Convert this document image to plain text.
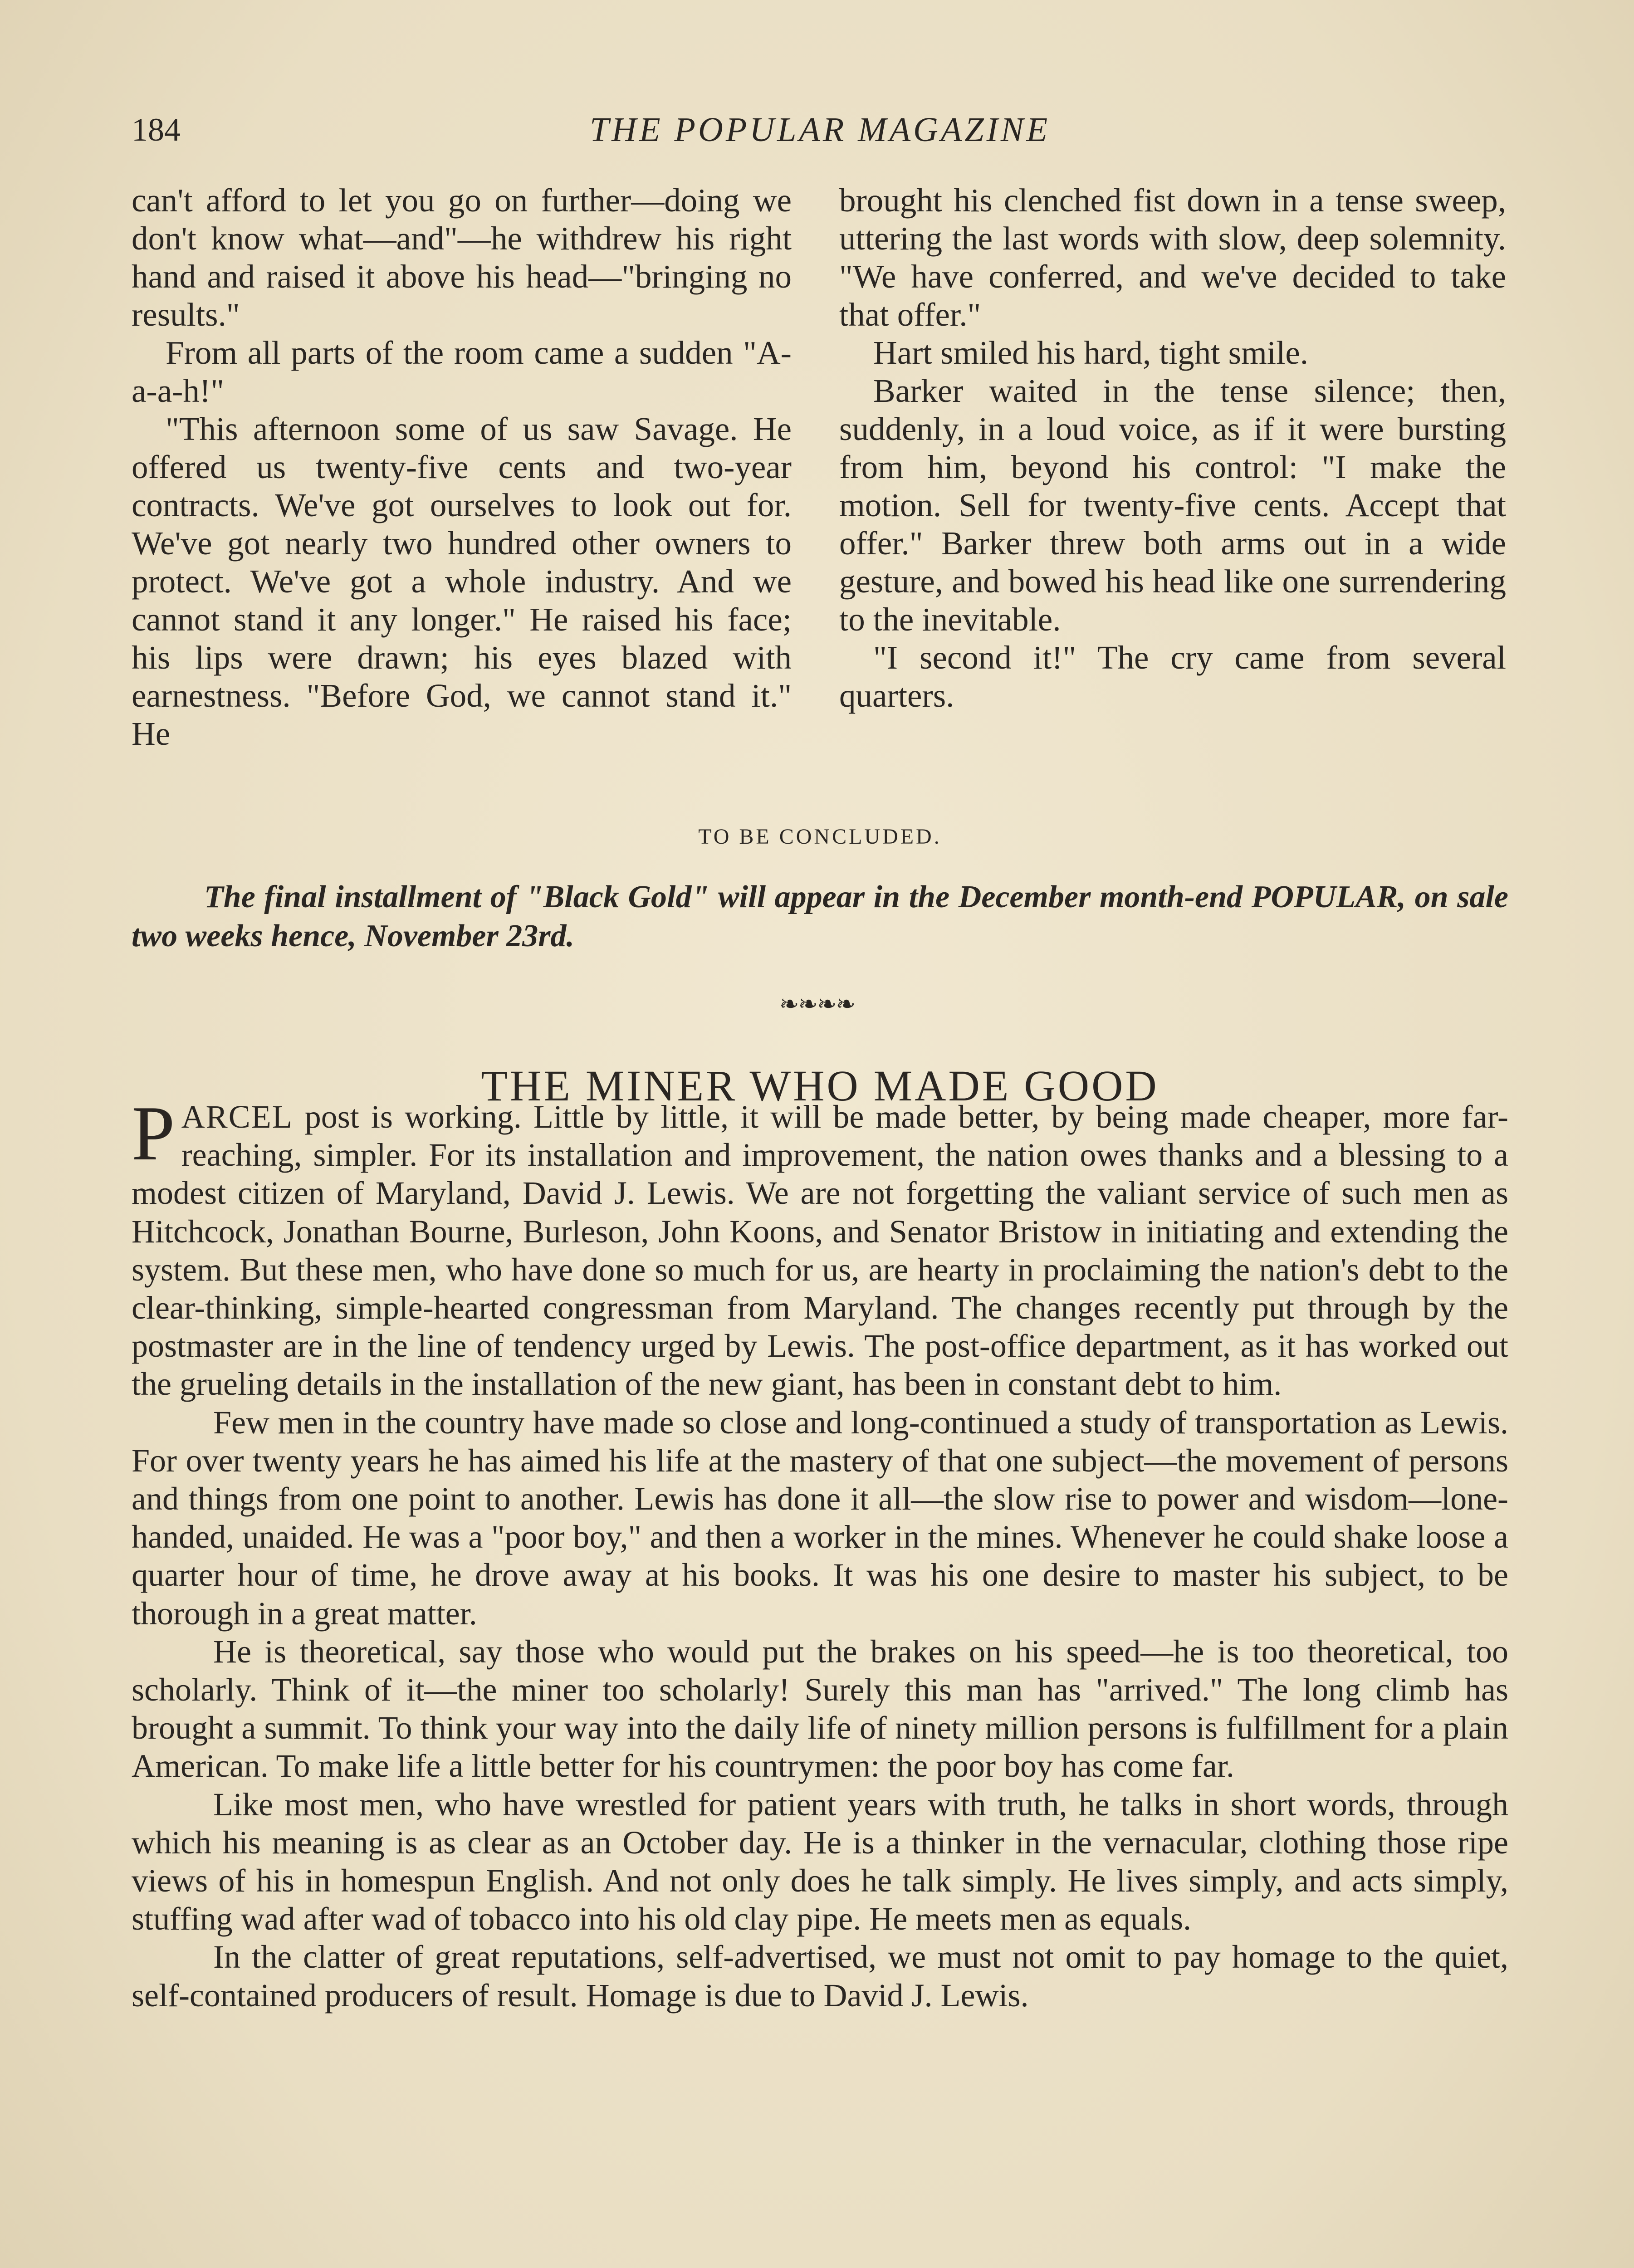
184	THE POPULAR MAGAZINE

can't afford to let you go on further—doing we don't know what—and"—he withdrew his right hand and raised it above his head—"bringing no results."

From all parts of the room came a sudden "A-a-a-h!"

"This afternoon some of us saw Savage. He offered us twenty-five cents and two-year contracts. We've got ourselves to look out for. We've got nearly two hundred other owners to protect. We've got a whole industry. And we cannot stand it any longer." He raised his face; his lips were drawn; his eyes blazed with earnestness. "Before God, we cannot stand it." He

brought his clenched fist down in a tense sweep, uttering the last words with slow, deep solemnity. "We have conferred, and we've decided to take that offer."

Hart smiled his hard, tight smile.

Barker waited in the tense silence; then, suddenly, in a loud voice, as if it were bursting from him, beyond his control: "I make the motion. Sell for twenty-five cents. Accept that offer." Barker threw both arms out in a wide gesture, and bowed his head like one surrendering to the inevitable.

"I second it!" The cry came from several quarters.

TO BE CONCLUDED.
The final installment of "Black Gold" will appear in the December month-end POPULAR, on sale two weeks hence, November 23rd.
❧❧❧❧
THE MINER WHO MADE GOOD

PARCEL post is working. Little by little, it will be made better, by being made cheaper, more far-reaching, simpler. For its installation and improvement, the nation owes thanks and a blessing to a modest citizen of Maryland, David J. Lewis. We are not forgetting the valiant service of such men as Hitchcock, Jonathan Bourne, Burleson, John Koons, and Senator Bristow in initiating and extending the system. But these men, who have done so much for us, are hearty in proclaiming the nation's debt to the clear-thinking, simple-hearted congressman from Maryland. The changes recently put through by the postmaster are in the line of tendency urged by Lewis. The post-office department, as it has worked out the grueling details in the installation of the new giant, has been in constant debt to him.

Few men in the country have made so close and long-continued a study of transportation as Lewis. For over twenty years he has aimed his life at the mastery of that one subject—the movement of persons and things from one point to another. Lewis has done it all—the slow rise to power and wisdom—lone-handed, unaided. He was a "poor boy," and then a worker in the mines. Whenever he could shake loose a quarter hour of time, he drove away at his books. It was his one desire to master his subject, to be thorough in a great matter.

He is theoretical, say those who would put the brakes on his speed—he is too theoretical, too scholarly. Think of it—the miner too scholarly! Surely this man has "arrived." The long climb has brought a summit. To think your way into the daily life of ninety million persons is fulfillment for a plain American. To make life a little better for his countrymen: the poor boy has come far.

Like most men, who have wrestled for patient years with truth, he talks in short words, through which his meaning is as clear as an October day. He is a thinker in the vernacular, clothing those ripe views of his in homespun English. And not only does he talk simply. He lives simply, and acts simply, stuffing wad after wad of tobacco into his old clay pipe. He meets men as equals.

In the clatter of great reputations, self-advertised, we must not omit to pay homage to the quiet, self-contained producers of result. Homage is due to David J. Lewis.
